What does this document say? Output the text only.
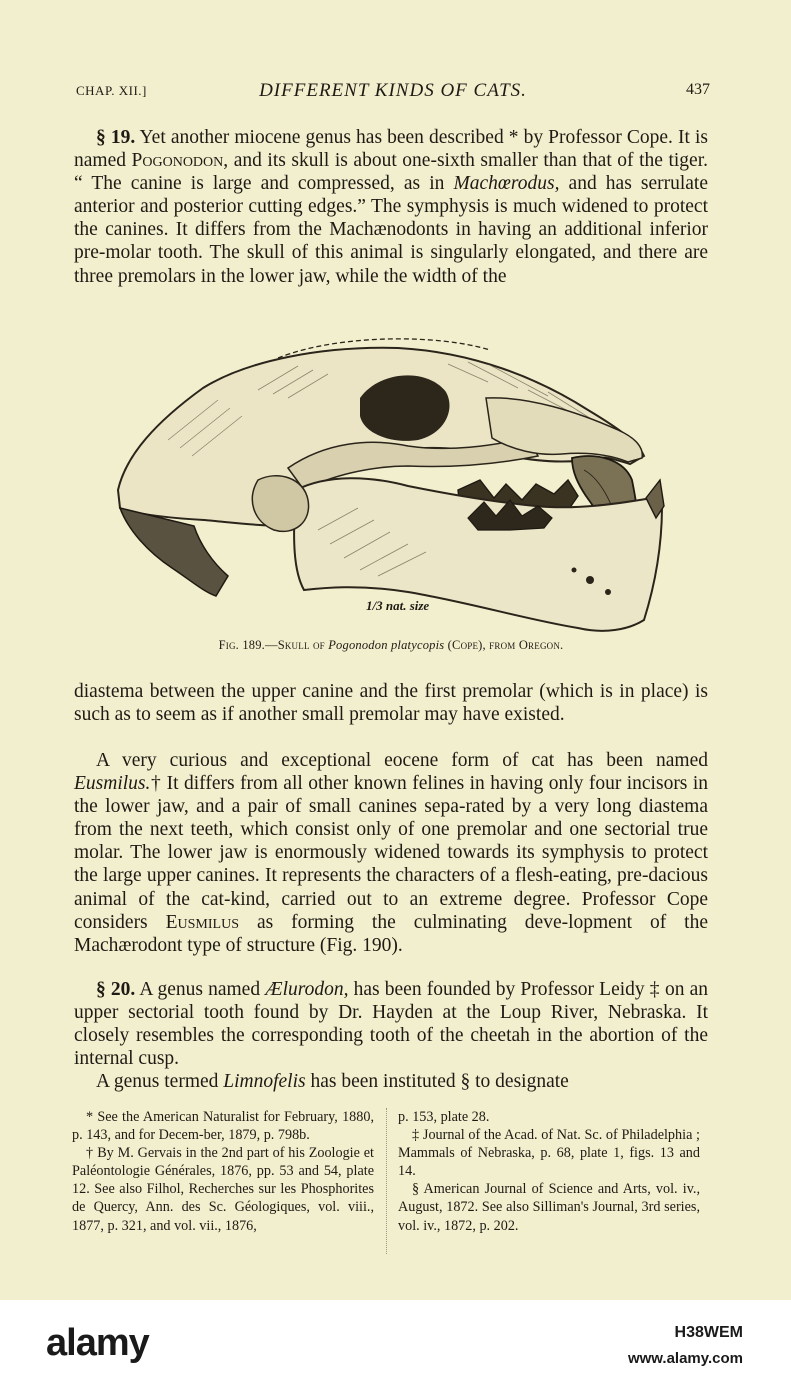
CHAP. XII.]	DIFFERENT KINDS OF CATS.	437

§ 19. Yet another miocene genus has been described * by Professor Cope. It is named Pogonodon, and its skull is about one-sixth smaller than that of the tiger. “ The canine is large and compressed, as in Machœrodus, and has serrulate anterior and posterior cutting edges.” The symphysis is much widened to protect the canines. It differs from the Machænodonts in having an additional inferior pre-molar tooth. The skull of this animal is singularly elongated, and there are three premolars in the lower jaw, while the width of the

1/3 nat. size
Fig. 189.—Skull of Pogonodon platycopis (Cope), from Oregon.

diastema between the upper canine and the first premolar (which is in place) is such as to seem as if another small premolar may have existed.

A very curious and exceptional eocene form of cat has been named Eusmilus.† It differs from all other known felines in having only four incisors in the lower jaw, and a pair of small canines sepa-rated by a very long diastema from the next teeth, which consist only of one premolar and one sectorial true molar. The lower jaw is enormously widened towards its symphysis to protect the large upper canines. It represents the characters of a flesh-eating, pre-dacious animal of the cat-kind, carried out to an extreme degree. Professor Cope considers Eusmilus as forming the culminating deve-lopment of the Machærodont type of structure (Fig. 190).

§ 20. A genus named Ælurodon, has been founded by Professor Leidy ‡ on an upper sectorial tooth found by Dr. Hayden at the Loup River, Nebraska. It closely resembles the corresponding tooth of the cheetah in the abortion of the internal cusp.

A genus termed Limnofelis has been instituted § to designate

* See the American Naturalist for February, 1880, p. 143, and for Decem-ber, 1879, p. 798b.

† By M. Gervais in the 2nd part of his Zoologie et Paléontologie Générales, 1876, pp. 53 and 54, plate 12. See also Filhol, Recherches sur les Phosphorites de Quercy, Ann. des Sc. Géologiques, vol. viii., 1877, p. 321, and vol. vii., 1876,

p. 153, plate 28.

‡ Journal of the Acad. of Nat. Sc. of Philadelphia ; Mammals of Nebraska, p. 68, plate 1, figs. 13 and 14.

§ American Journal of Science and Arts, vol. iv., August, 1872. See also Silliman's Journal, 3rd series, vol. iv., 1872, p. 202.

alamy	H38WEM
www.alamy.com
